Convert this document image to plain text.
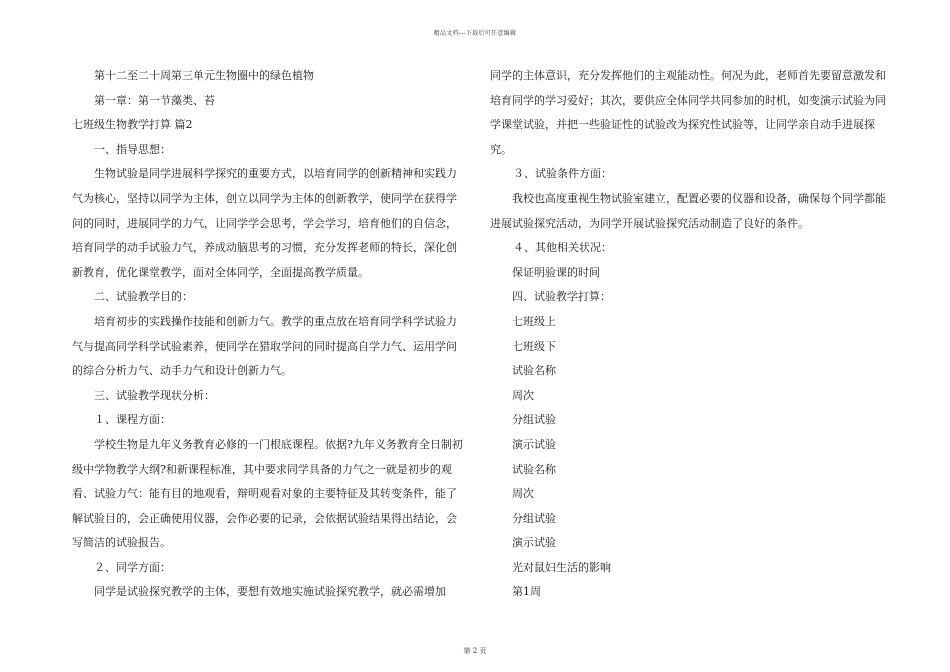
精品文档---下载后可任意编辑

第十二至二十周第三单元生物圈中的绿色植物

第一章：第一节藻类、苔

七班级生物教学打算 篇2

一、指导思想：

生物试验是同学进展科学探究的重要方式，以培育同学的创新精神和实践力气为核心，坚持以同学为主体，创立以同学为主体的创新教学，使同学在获得学问的同时，进展同学的力气，让同学学会思考，学会学习，培育他们的自信念，培育同学的动手试验力气，养成动脑思考的习惯，充分发挥老师的特长，深化创新教育，优化课堂教学，面对全体同学，全面提高教学质量。

二、试验教学目的：

培育初步的实践操作技能和创新力气。教学的重点放在培育同学科学试验力气与提高同学科学试验素养，使同学在猎取学问的同时提高自学力气、运用学问的综合分析力气、动手力气和设计创新力气。

三、试验教学现状分析：

１、课程方面：

学校生物是九年义务教育必修的一门根底课程。依据?九年义务教育全日制初级中学物教学大纲?和新课程标准，其中要求同学具备的力气之一就是初步的观看、试验力气：能有目的地观看，辩明观看对象的主要特征及其转变条件，能了解试验目的，会正确使用仪器，会作必要的记录，会依据试验结果得出结论，会写简洁的试验报告。

２、同学方面：

同学是试验探究教学的主体，要想有效地实施试验探究教学，就必需增加

同学的主体意识，充分发挥他们的主观能动性。何况为此，老师首先要留意激发和培育同学的学习爱好；其次，要供应全体同学共同参加的时机，如变演示试验为同学课堂试验，并把一些验证性的试验改为探究性试验等，让同学亲自动手进展探究。

３、试验条件方面：

我校也高度重视生物试验室建立，配置必要的仪器和设备，确保每个同学都能进展试验探究活动，为同学开展试验探究活动制造了良好的条件。

４、其他相关状况：

保证明验课的时间

四、试验教学打算：

七班级上

七班级下

试验名称

周次

分组试验

演示试验

试验名称

周次

分组试验

演示试验

光对鼠妇生活的影响

第1周

第 2 页
